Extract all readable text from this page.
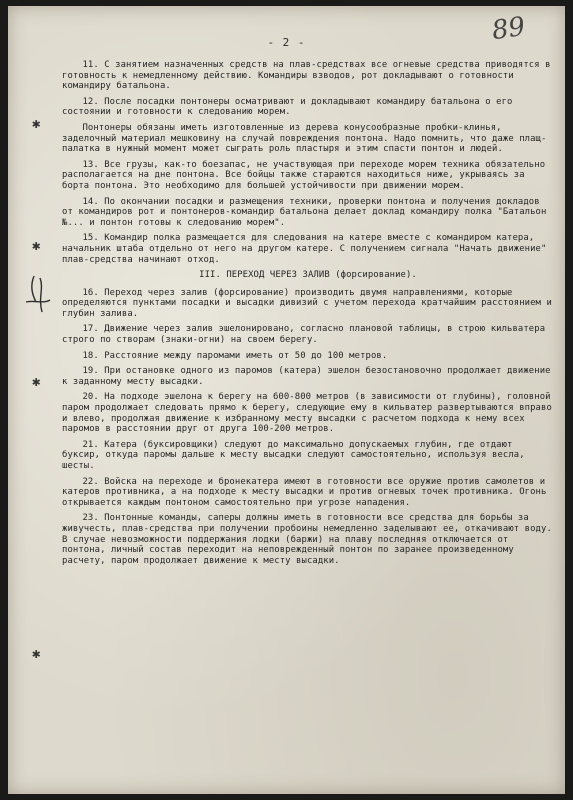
89
- 2 -
✱
✱
✱
✱

11. С занятием назначенных средств на плав-средствах все огневые средства приводятся в готовность к немедленному действию. Командиры взводов, рот докладывают о готовности командиру батальона.

12. После посадки понтонеры осматривают и докладывают командиру батальона о его состоянии и готовности к следованию морем.

Понтонеры обязаны иметь изготовленные из дерева конусообразные пробки-клинья, заделочный материал мешковину на случай повреждения понтона. Надо помнить, что даже плащ-палатка в нужный момент может сыграть роль пластыря и этим спасти понтон и людей.

13. Все грузы, как-то боезапас, не участвующая при переходе морем техника обязательно располагается на дне понтона. Все бойцы также стараются находиться ниже, укрываясь за борта понтона. Это необходимо для большей устойчивости при движении морем.

14. По окончании посадки и размещения техники, проверки понтона и получения докладов от командиров рот и понтонеров-командир батальона делает доклад командиру полка "Батальон №... и понтон готовы к следованию морем".

15. Командир полка размещается для следования на катере вместе с командиром катера, начальник штаба отдельно от него на другом катере. С получением сигнала "Начать движение" плав-средства начинают отход.

III. ПЕРЕХОД ЧЕРЕЗ ЗАЛИВ (форсирование).

16. Переход через залив (форсирование) производить двумя направлениями, которые определяются пунктами посадки и высадки дивизий с учетом перехода кратчайшим расстоянием и глубин залива.

17. Движение через залив эшелонировано, согласно плановой таблицы, в строю кильватера строго по створам (знаки-огни) на своем берегу.

18. Расстояние между паромами иметь от 50 до 100 метров.

19. При остановке одного из паромов (катера) эшелон безостановочно продолжает движение к заданному месту высадки.

20. На подходе эшелона к берегу на 600-800 метров (в зависимости от глубины), головной паром продолжает следовать прямо к берегу, следующие ему в кильватер развертываются вправо и влево, продолжая движение к избранному месту высадки с расчетом подхода к нему всех паромов в расстоянии друг от друга 100-200 метров.

21. Катера (буксировщики) следуют до максимально допускаемых глубин, где отдают буксир, откуда паромы дальше к месту высадки следуют самостоятельно, используя весла, шесты.

22. Войска на переходе и бронекатера имеют в готовности все оружие против самолетов и катеров противника, а на подходе к месту высадки и против огневых точек противника. Огонь открывается каждым понтоном самостоятельно при угрозе нападения.

23. Понтонные команды, саперы должны иметь в готовности все средства для борьбы за живучесть, плав-средства при получении пробоины немедленно заделывают ее, откачивают воду. В случае невозможности поддержания лодки (баржи) на плаву последняя отключается от понтона, личный состав переходит на неповрежденный понтон по заранее произведенному расчету, паром продолжает движение к месту высадки.
